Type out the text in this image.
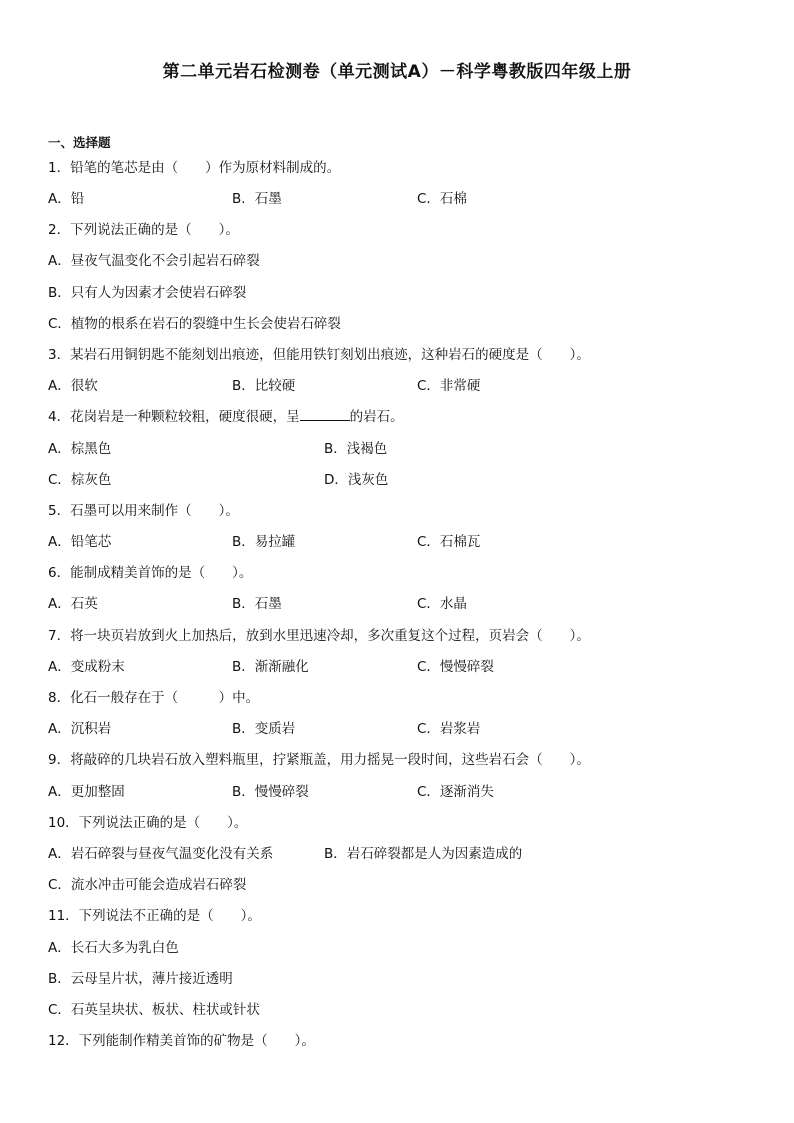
第二单元岩石检测卷（单元测试A）－科学粤教版四年级上册
一、选择题
1．铅笔的笔芯是由（　　）作为原材料制成的。
A．铅	B．石墨	C．石棉
2．下列说法正确的是（　　）。
A．昼夜气温变化不会引起岩石碎裂
B．只有人为因素才会使岩石碎裂
C．植物的根系在岩石的裂缝中生长会使岩石碎裂
3．某岩石用铜钥匙不能刻划出痕迹，但能用铁钉刻划出痕迹，这种岩石的硬度是（　　）。
A．很软	B．比较硬	C．非常硬
4．花岗岩是一种颗粒较粗，硬度很硬，呈	的岩石。
A．棕黑色	B．浅褐色
C．棕灰色	D．浅灰色
5．石墨可以用来制作（　　）。
A．铅笔芯	B．易拉罐	C．石棉瓦
6．能制成精美首饰的是（　　）。
A．石英	B．石墨	C．水晶
7．将一块页岩放到火上加热后，放到水里迅速冷却，多次重复这个过程，页岩会（　　）。
A．变成粉末	B．渐渐融化	C．慢慢碎裂
8．化石一般存在于（　　　）中。
A．沉积岩	B．变质岩	C．岩浆岩
9．将敲碎的几块岩石放入塑料瓶里，拧紧瓶盖，用力摇晃一段时间，这些岩石会（　　）。
A．更加整固	B．慢慢碎裂	C．逐渐消失
10．下列说法正确的是（　　）。
A．岩石碎裂与昼夜气温变化没有关系	B．岩石碎裂都是人为因素造成的
C．流水冲击可能会造成岩石碎裂
11．下列说法不正确的是（　　）。
A．长石大多为乳白色
B．云母呈片状，薄片接近透明
C．石英呈块状、板状、柱状或针状
12．下列能制作精美首饰的矿物是（　　）。
